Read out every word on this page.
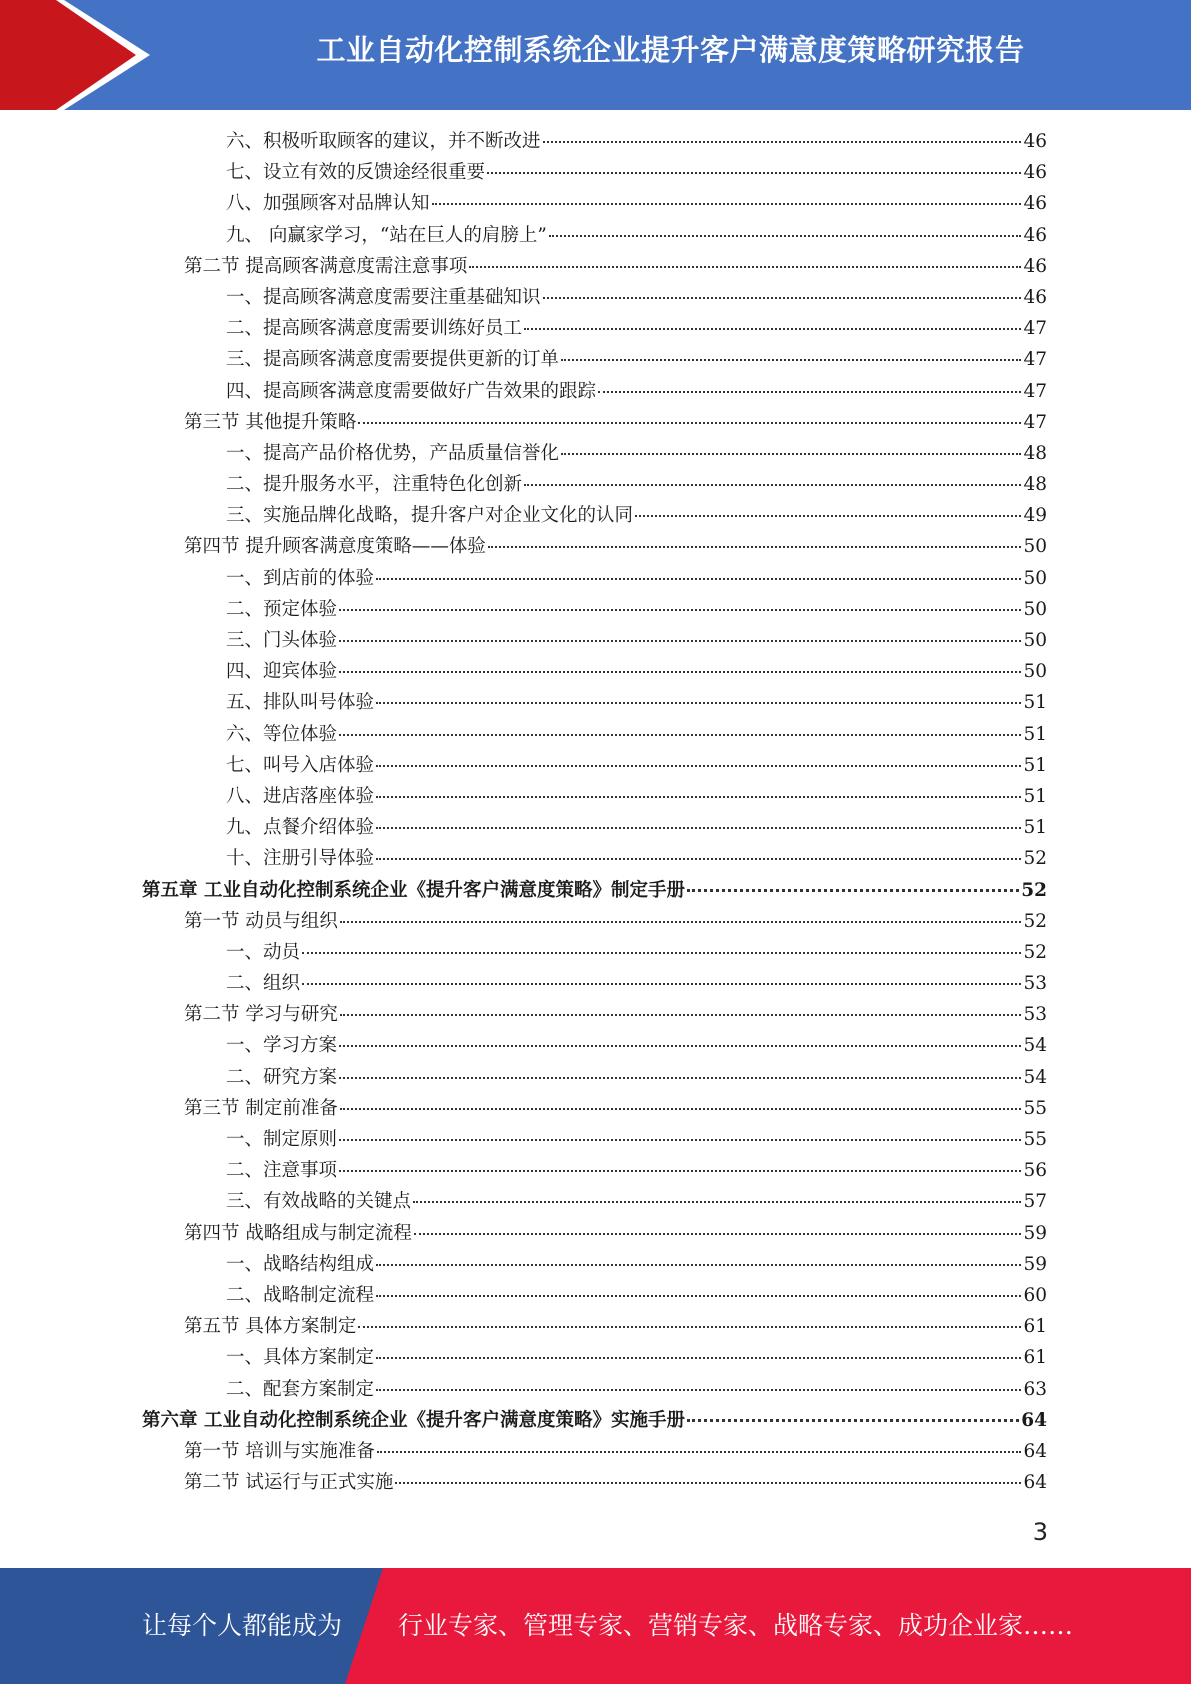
工业自动化控制系统企业提升客户满意度策略研究报告
六、积极听取顾客的建议，并不断改进	46
七、设立有效的反馈途经很重要	46
八、加强顾客对品牌认知	46
九、 向赢家学习，“站在巨人的肩膀上”	46
第二节 提高顾客满意度需注意事项	46
一、提高顾客满意度需要注重基础知识	46
二、提高顾客满意度需要训练好员工	47
三、提高顾客满意度需要提供更新的订单	47
四、提高顾客满意度需要做好广告效果的跟踪	47
第三节 其他提升策略	47
一、提高产品价格优势，产品质量信誉化	48
二、提升服务水平，注重特色化创新	48
三、实施品牌化战略，提升客户对企业文化的认同	49
第四节 提升顾客满意度策略——体验	50
一、到店前的体验	50
二、预定体验	50
三、门头体验	50
四、迎宾体验	50
五、排队叫号体验	51
六、等位体验	51
七、叫号入店体验	51
八、进店落座体验	51
九、点餐介绍体验	51
十、注册引导体验	52
第五章 工业自动化控制系统企业《提升客户满意度策略》制定手册	52
第一节 动员与组织	52
一、动员	52
二、组织	53
第二节 学习与研究	53
一、学习方案	54
二、研究方案	54
第三节 制定前准备	55
一、制定原则	55
二、注意事项	56
三、有效战略的关键点	57
第四节 战略组成与制定流程	59
一、战略结构组成	59
二、战略制定流程	60
第五节 具体方案制定	61
一、具体方案制定	61
二、配套方案制定	63
第六章 工业自动化控制系统企业《提升客户满意度策略》实施手册	64
第一节 培训与实施准备	64
第二节 试运行与正式实施	64
3
让每个人都能成为 行业专家、管理专家、营销专家、战略专家、成功企业家……
